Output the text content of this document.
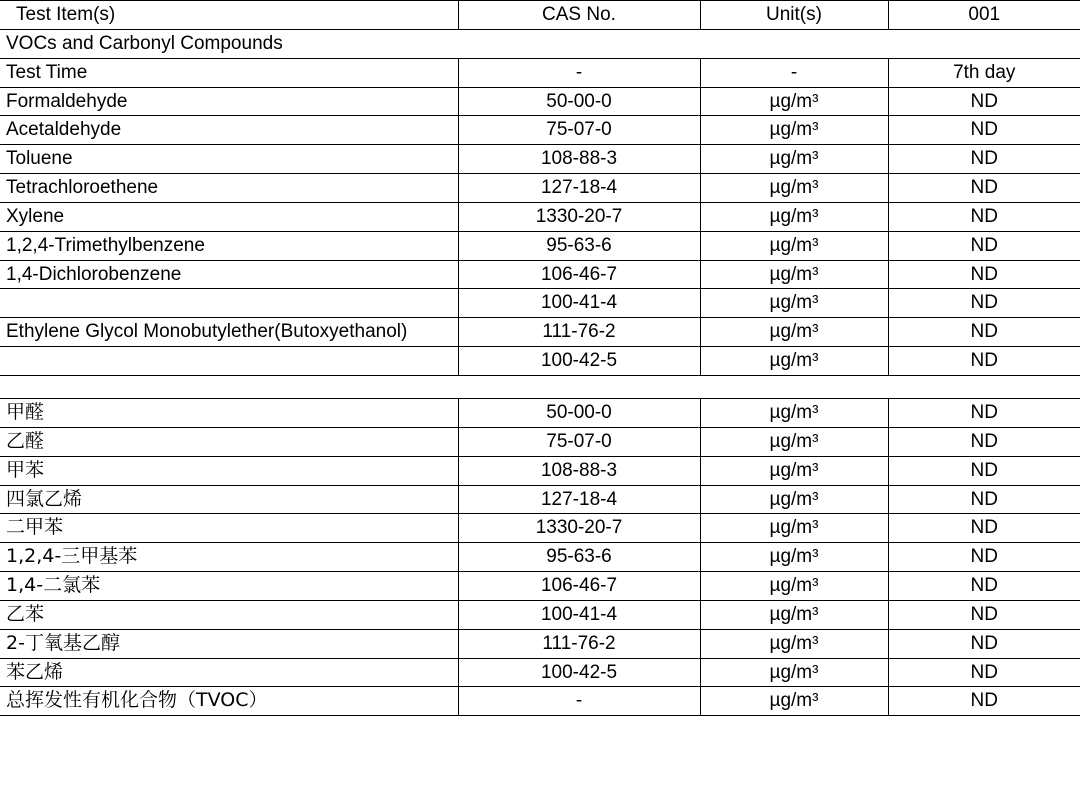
Test Item(s)	CAS No.	Unit(s)	001
VOCs and Carbonyl Compounds			
Test Time	-	-	7th day
Formaldehyde	50-00-0	µg/m³	ND
Acetaldehyde	75-07-0	µg/m³	ND
Toluene	108-88-3	µg/m³	ND
Tetrachloroethene	127-18-4	µg/m³	ND
Xylene	1330-20-7	µg/m³	ND
1,2,4-Trimethylbenzene	95-63-6	µg/m³	ND
1,4-Dichlorobenzene	106-46-7	µg/m³	ND

	100-41-4	µg/m³	ND
Ethylene Glycol Monobutylether(Butoxyethanol)	111-76-2	µg/m³	ND

	100-42-5	µg/m³	ND
甲醛	50-00-0	µg/m³	ND
乙醛	75-07-0	µg/m³	ND
甲苯	108-88-3	µg/m³	ND
四氯乙烯	127-18-4	µg/m³	ND
二甲苯	1330-20-7	µg/m³	ND
1,2,4-三甲基苯	95-63-6	µg/m³	ND
1,4-二氯苯	106-46-7	µg/m³	ND
乙苯	100-41-4	µg/m³	ND
2-丁氧基乙醇	111-76-2	µg/m³	ND
苯乙烯	100-42-5	µg/m³	ND
总挥发性有机化合物（TVOC）	-	µg/m³	ND
